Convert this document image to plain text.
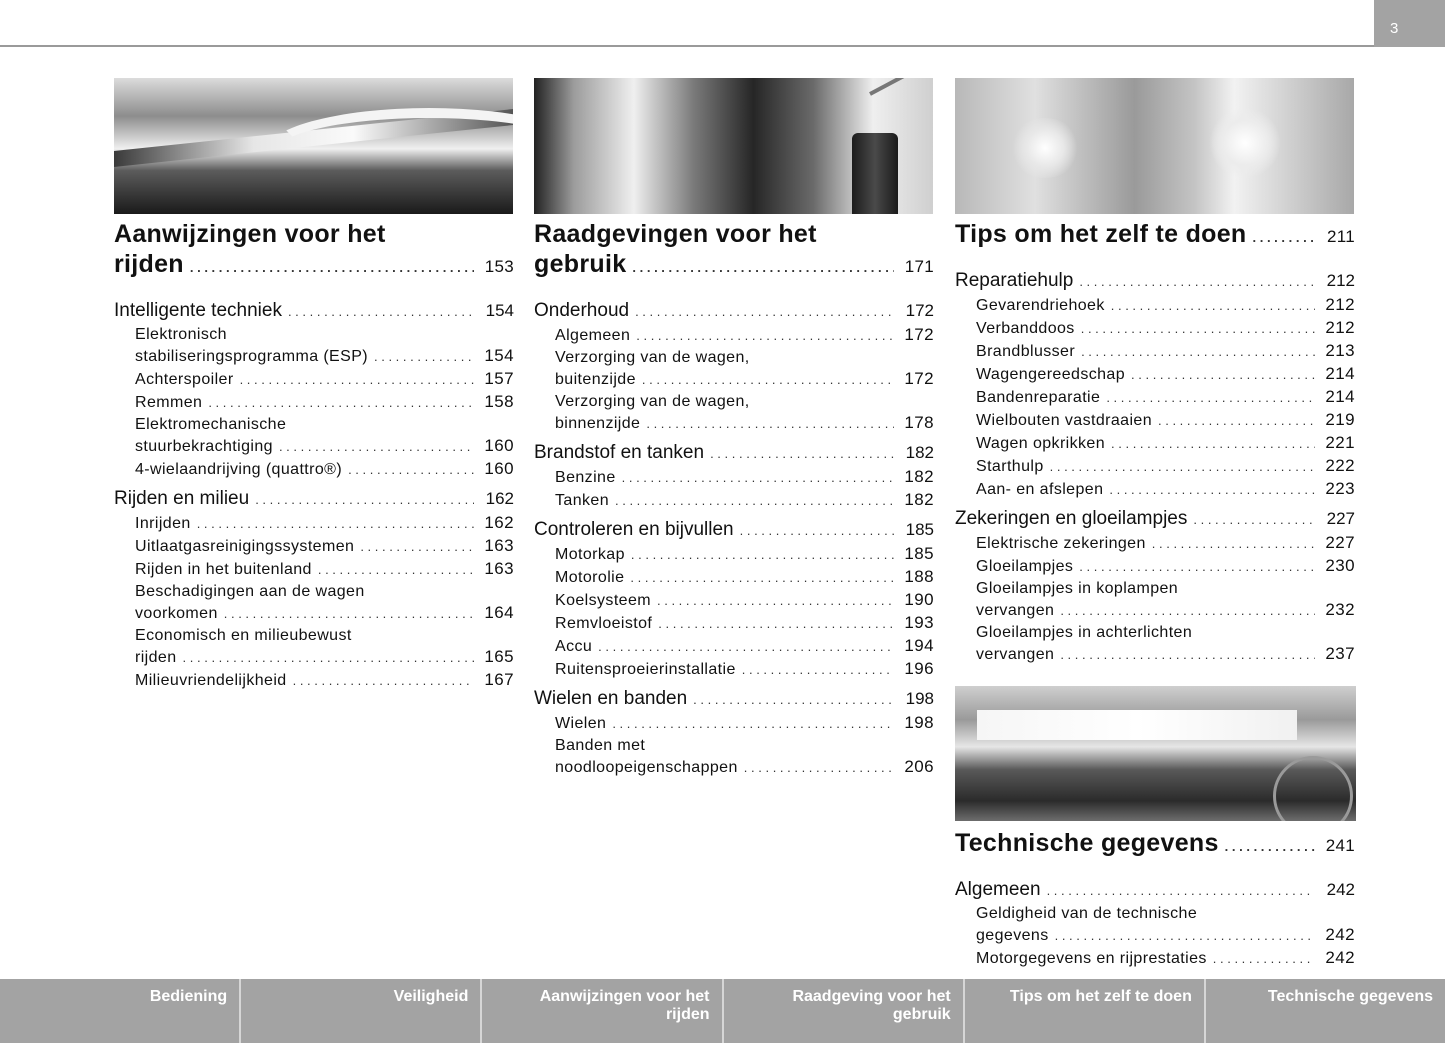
3
Aanwijzingen voor het
rijden . . .	153
Intelligente techniek . . .	154
Elektronisch
stabiliseringsprogramma (ESP) . . .	154
Achterspoiler . . .	157
Remmen . . .	158
Elektromechanische
stuurbekrachtiging . . .	160
4-wielaandrijving (quattro®) . . .	160
Rijden en milieu . . .	162
Inrijden . . .	162
Uitlaatgasreinigingssystemen . . .	163
Rijden in het buitenland . . .	163
Beschadigingen aan de wagen
voorkomen . . .	164
Economisch en milieubewust
rijden . . .	165
Milieuvriendelijkheid . . .	167
Raadgevingen voor het
gebruik . . .	171
Onderhoud . . .	172
Algemeen . . .	172
Verzorging van de wagen,
buitenzijde . . .	172
Verzorging van de wagen,
binnenzijde . . .	178
Brandstof en tanken . . .	182
Benzine . . .	182
Tanken . . .	182
Controleren en bijvullen . . .	185
Motorkap . . .	185
Motorolie . . .	188
Koelsysteem . . .	190
Remvloeistof . . .	193
Accu . . .	194
Ruitensproeierinstallatie . . .	196
Wielen en banden . . .	198
Wielen . . .	198
Banden met
noodloopeigenschappen . . .	206
Tips om het zelf te doen . . .	211
Reparatiehulp . . .	212
Gevarendriehoek . . .	212
Verbanddoos . . .	212
Brandblusser . . .	213
Wagengereedschap . . .	214
Bandenreparatie . . .	214
Wielbouten vastdraaien . . .	219
Wagen opkrikken . . .	221
Starthulp . . .	222
Aan- en afslepen . . .	223
Zekeringen en gloeilampjes . . .	227
Elektrische zekeringen . . .	227
Gloeilampjes . . .	230
Gloeilampjes in koplampen
vervangen . . .	232
Gloeilampjes in achterlichten
vervangen . . .	237
Technische gegevens . . .	241
Algemeen . . .	242
Geldigheid van de technische
gegevens . . .	242
Motorgegevens en rijprestaties . . .	242
Bediening	Veiligheid	Aanwijzingen voor het rijden
Raadgeving voor het gebruik
Tips om het zelf te doen	Technische gegevens
